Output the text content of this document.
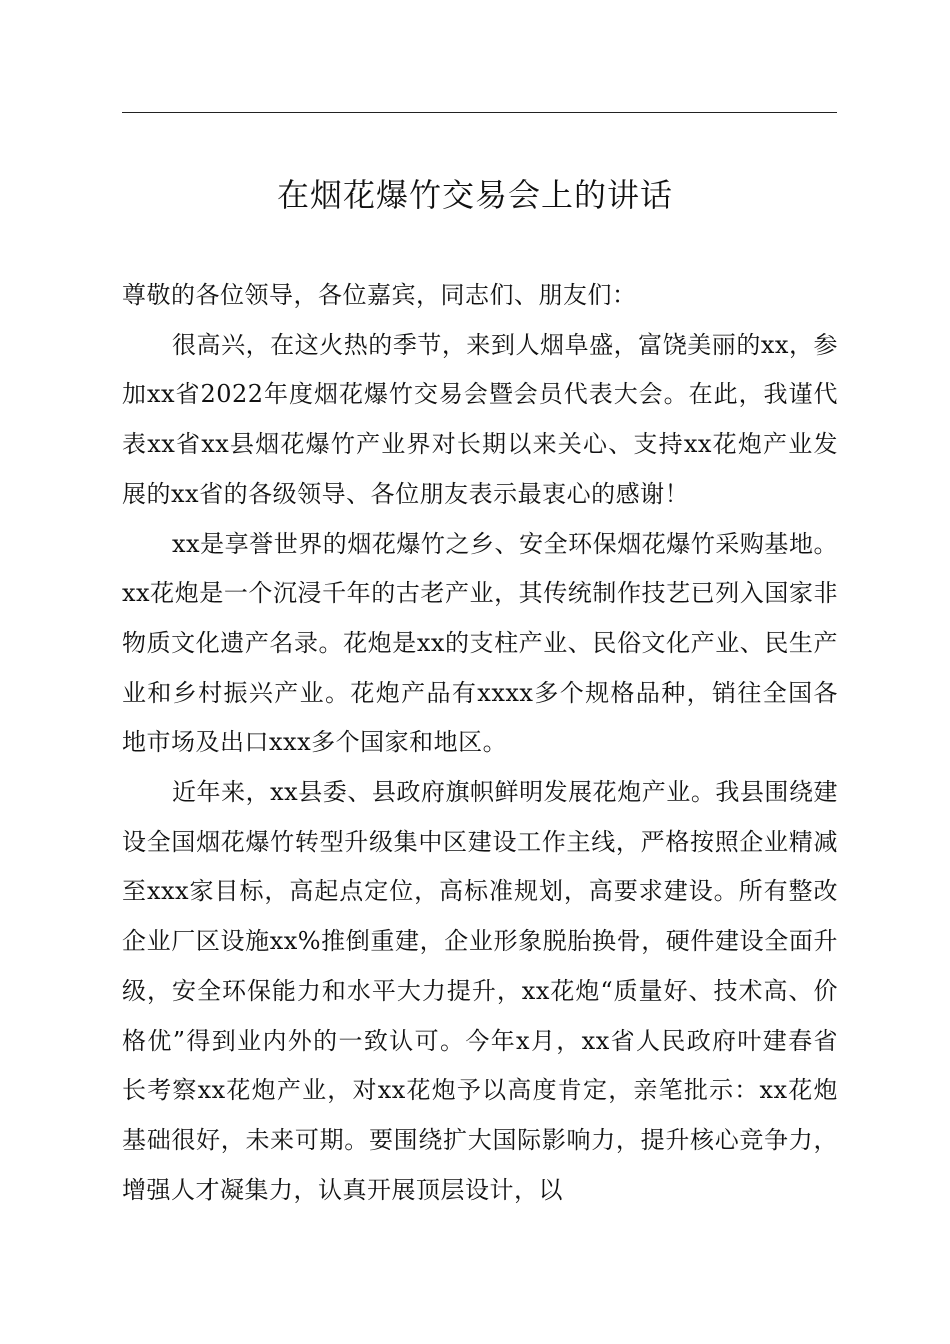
在烟花爆竹交易会上的讲话

尊敬的各位领导，各位嘉宾，同志们、朋友们：

很高兴，在这火热的季节，来到人烟阜盛，富饶美丽的xx，参加xx省2022年度烟花爆竹交易会暨会员代表大会。在此，我谨代表xx省xx县烟花爆竹产业界对长期以来关心、支持xx花炮产业发展的xx省的各级领导、各位朋友表示最衷心的感谢！

xx是享誉世界的烟花爆竹之乡、安全环保烟花爆竹采购基地。xx花炮是一个沉浸千年的古老产业，其传统制作技艺已列入国家非物质文化遗产名录。花炮是xx的支柱产业、民俗文化产业、民生产业和乡村振兴产业。花炮产品有xxxx多个规格品种，销往全国各地市场及出口xxx多个国家和地区。

近年来，xx县委、县政府旗帜鲜明发展花炮产业。我县围绕建设全国烟花爆竹转型升级集中区建设工作主线，严格按照企业精减至xxx家目标，高起点定位，高标准规划，高要求建设。所有整改企业厂区设施xx%推倒重建，企业形象脱胎换骨，硬件建设全面升级，安全环保能力和水平大力提升，xx花炮“质量好、技术高、价格优”得到业内外的一致认可。今年x月，xx省人民政府叶建春省长考察xx花炮产业，对xx花炮予以高度肯定，亲笔批示：xx花炮基础很好，未来可期。要围绕扩大国际影响力，提升核心竞争力，增强人才凝集力，认真开展顶层设计，以
